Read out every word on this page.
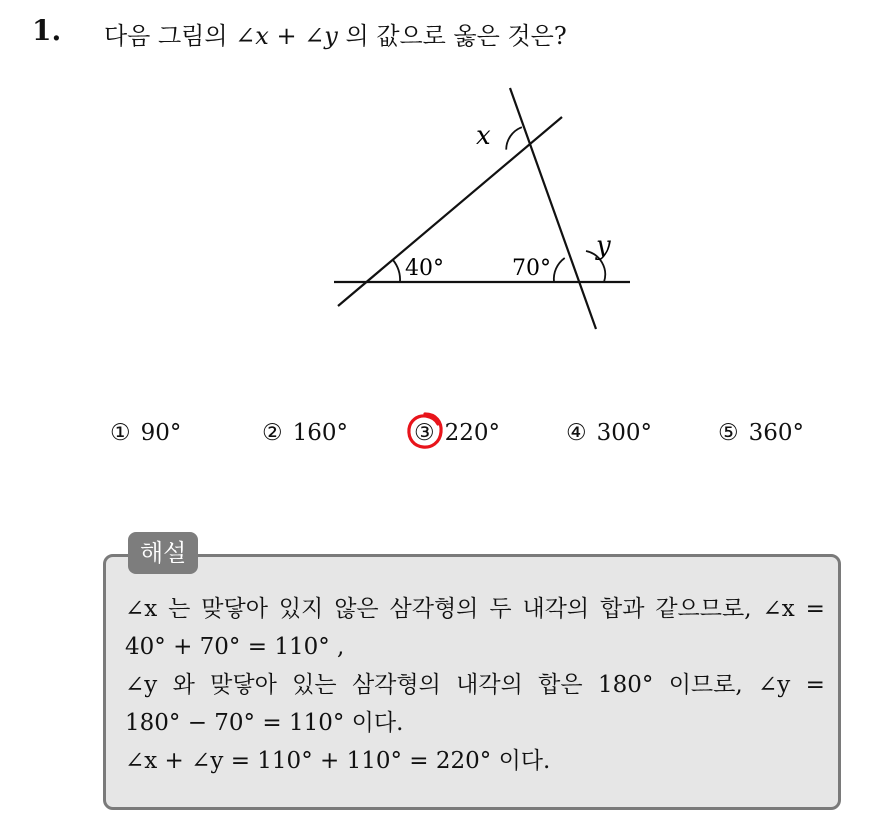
1. 다음 그림의 ∠x + ∠y 의 값으로 옳은 것은?
x
y
40°	70°
① 90°	② 160°	③ 220°	④ 300°	⑤ 360°
해설
∠x 는 맞닿아 있지 않은 삼각형의 두 내각의 합과 같으므로, ∠x =
40° + 70° = 110° ,
∠y 와 맞닿아 있는 삼각형의 내각의 합은 180° 이므로, ∠y =
180° − 70° = 110° 이다.
∠x + ∠y = 110° + 110° = 220° 이다.
